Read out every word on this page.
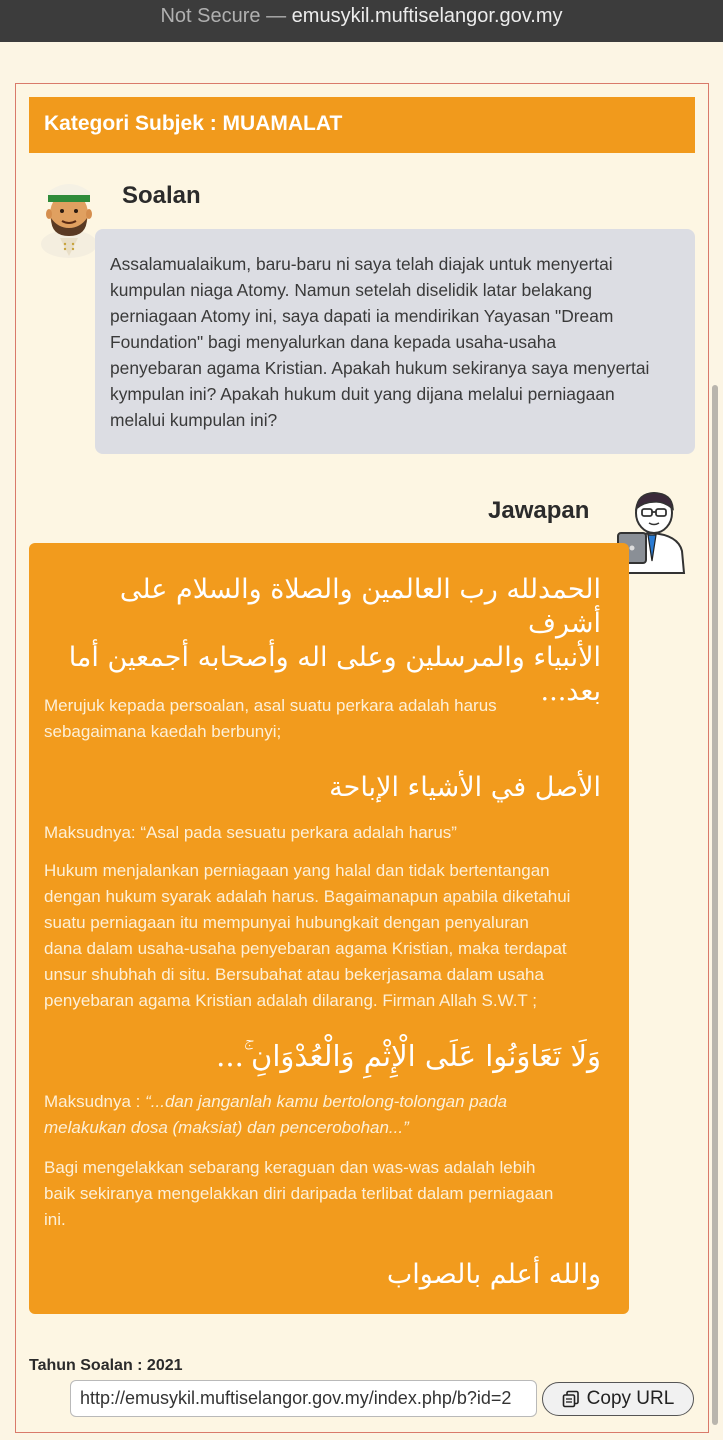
Not Secure — emusykil.muftiselangor.gov.my
Kategori Subjek : MUAMALAT
Soalan
Assalamualaikum, baru-baru ni saya telah diajak untuk menyertai
kumpulan niaga Atomy. Namun setelah diselidik latar belakang
perniagaan Atomy ini, saya dapati ia mendirikan Yayasan "Dream
Foundation" bagi menyalurkan dana kepada usaha-usaha
penyebaran agama Kristian. Apakah hukum sekiranya saya menyertai
kympulan ini? Apakah hukum duit yang dijana melalui perniagaan
melalui kumpulan ini?
Jawapan
الحمدلله رب العالمين والصلاة والسلام على أشرف
الأنبياء والمرسلين وعلى اله وأصحابه أجمعين أما
بعد...
Merujuk kepada persoalan, asal suatu perkara adalah harus
sebagaimana kaedah berbunyi;
الأصل في الأشياء الإباحة
Maksudnya: “Asal pada sesuatu perkara adalah harus”
Hukum menjalankan perniagaan yang halal dan tidak bertentangan
dengan hukum syarak adalah harus. Bagaimanapun apabila diketahui
suatu perniagaan itu mempunyai hubungkait dengan penyaluran
dana dalam usaha-usaha penyebaran agama Kristian, maka terdapat
unsur shubhah di situ. Bersubahat atau bekerjasama dalam usaha
penyebaran agama Kristian adalah dilarang. Firman Allah S.W.T ;
وَلَا تَعَاوَنُوا عَلَى الْإِثْمِ وَالْعُدْوَانِ ۚ...
Maksudnya : “...dan janganlah kamu bertolong-tolongan pada
melakukan dosa (maksiat) dan pencerobohan...”
Bagi mengelakkan sebarang keraguan dan was-was adalah lebih
baik sekiranya mengelakkan diri daripada terlibat dalam perniagaan
ini.
والله أعلم بالصواب
Tahun Soalan : 2021
http://emusykil.muftiselangor.gov.my/index.php/b?id=2
Copy URL
